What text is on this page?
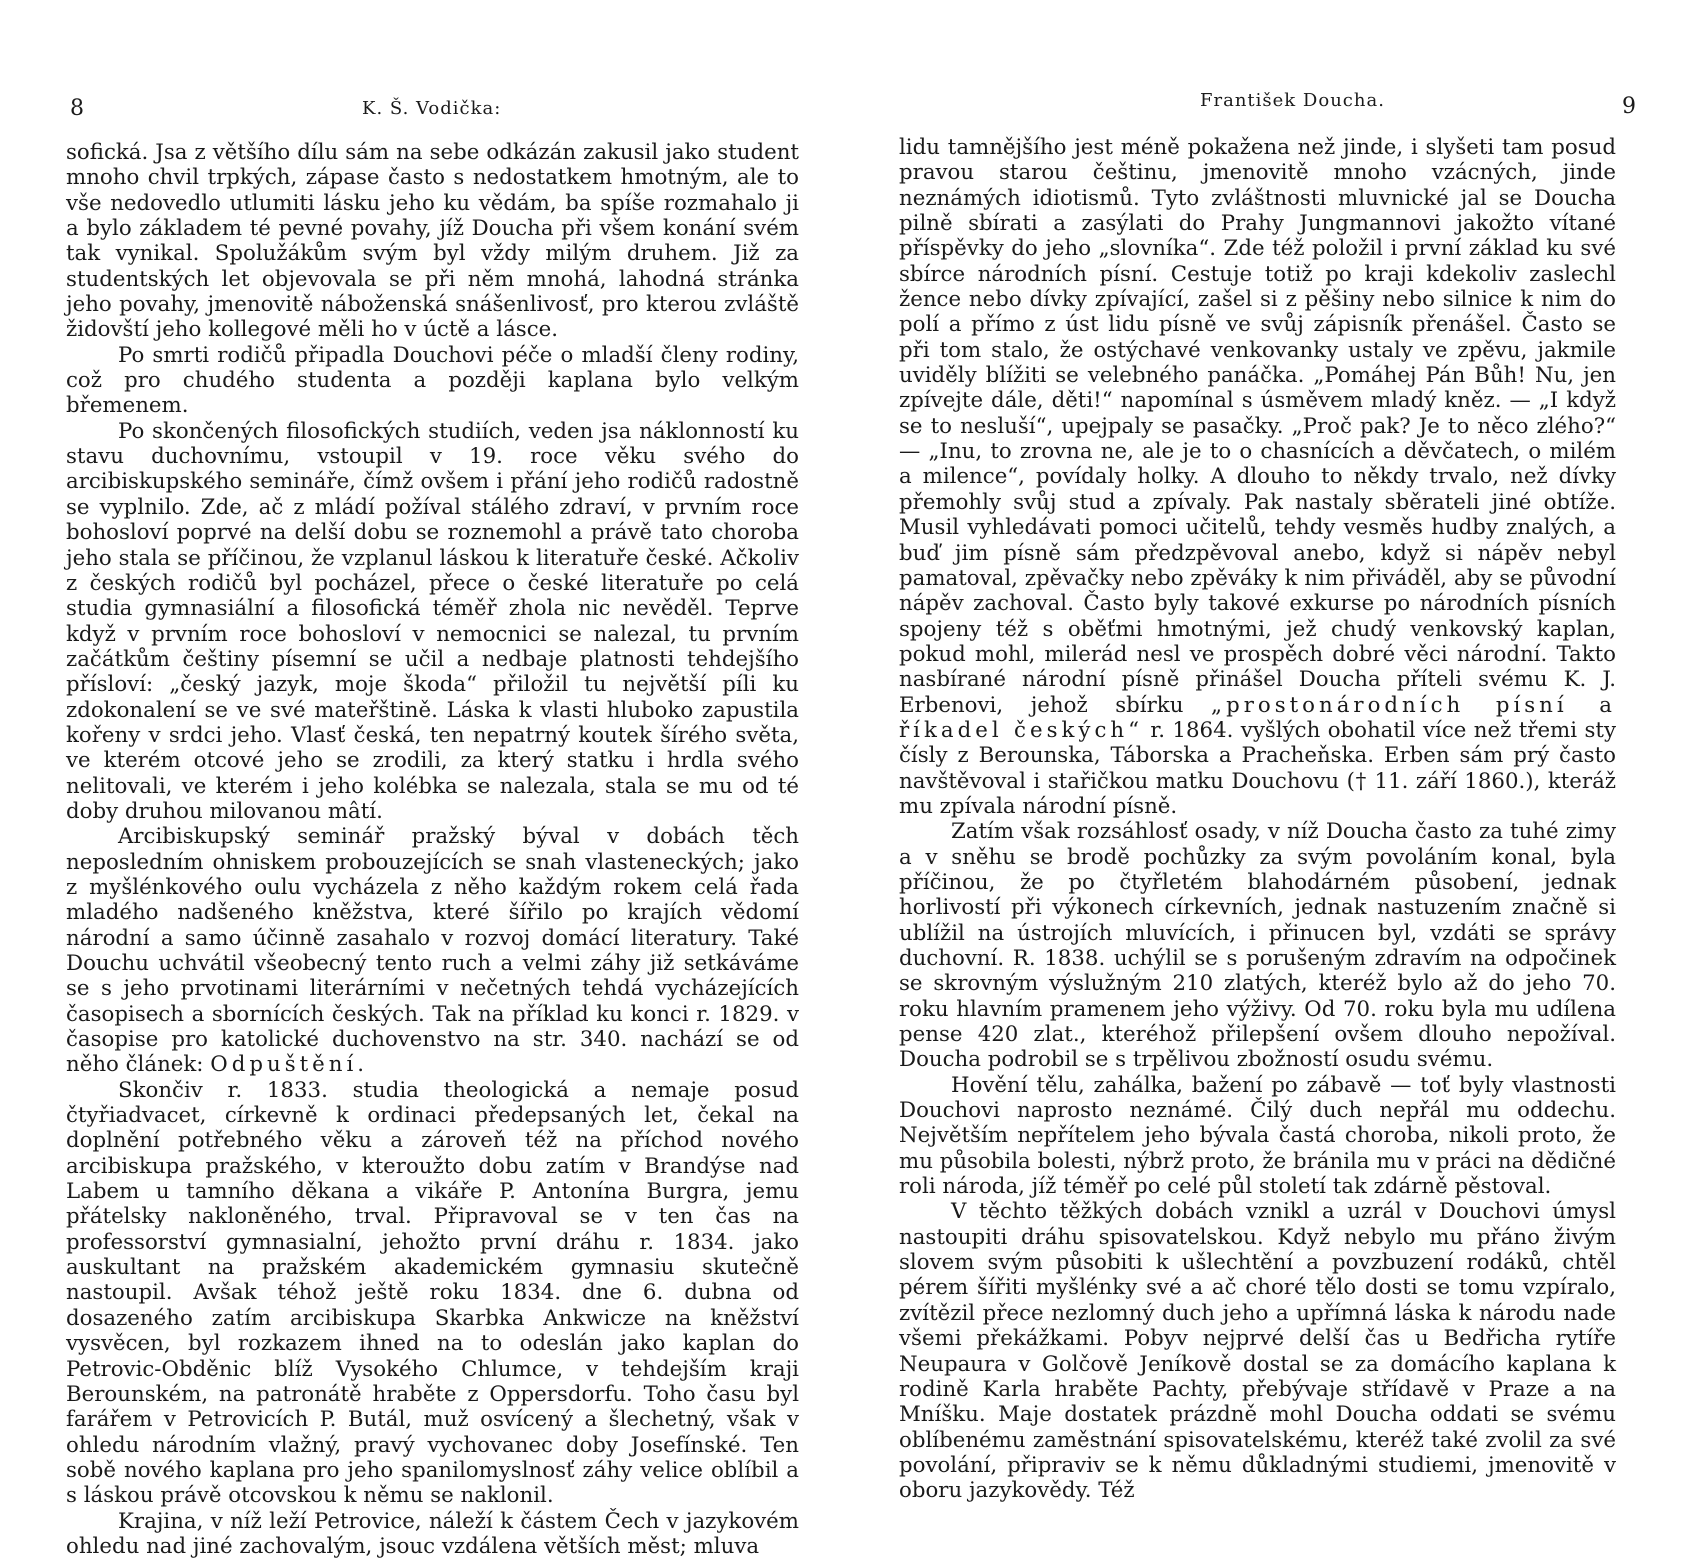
8	K. Š. Vodička:

sofická. Jsa z většího dílu sám na sebe odkázán zakusil jako student mnoho chvil trpkých, zápase často s nedostatkem hmotným, ale to vše nedovedlo utlumiti lásku jeho ku vědám, ba spíše rozmahalo ji a bylo základem té pevné povahy, jíž Doucha při všem konání svém tak vynikal. Spolužákům svým byl vždy milým druhem. Již za studentských let objevovala se při něm mnohá, lahodná stránka jeho povahy, jmenovitě náboženská snášenlivosť, pro kterou zvláště židovští jeho kollegové měli ho v úctě a lásce.

Po smrti rodičů připadla Douchovi péče o mladší členy rodiny, což pro chudého studenta a později kaplana bylo velkým břemenem.

Po skončených filosofických studiích, veden jsa náklonností ku stavu duchovnímu, vstoupil v 19. roce věku svého do arcibiskupského semináře, čímž ovšem i přání jeho rodičů radostně se vyplnilo. Zde, ač z mládí požíval stálého zdraví, v prvním roce bohosloví poprvé na delší dobu se roznemohl a právě tato choroba jeho stala se příčinou, že vzplanul láskou k literatuře české. Ačkoliv z českých rodičů byl pocházel, přece o české literatuře po celá studia gymnasiální a filosofická téměř zhola nic nevěděl. Teprve když v prvním roce bohosloví v nemocnici se nalezal, tu prvním začátkům češtiny písemní se učil a nedbaje platnosti tehdejšího přísloví: „český jazyk, moje škoda“ přiložil tu největší píli ku zdokonalení se ve své mateřštině. Láska k vlasti hluboko zapustila kořeny v srdci jeho. Vlasť česká, ten nepatrný koutek šírého světa, ve kterém otcové jeho se zrodili, za který statku i hrdla svého nelitovali, ve kterém i jeho kolébka se nalezala, stala se mu od té doby druhou milovanou mâtí.

Arcibiskupský seminář pražský býval v dobách těch neposledním ohniskem probouzejících se snah vlasteneckých; jako z myšlénkového oulu vycházela z něho každým rokem celá řada mladého nadšeného kněžstva, které šířilo po krajích vědomí národní a samo účinně zasahalo v rozvoj domácí literatury. Také Douchu uchvátil všeobecný tento ruch a velmi záhy již setkáváme se s jeho prvotinami literárními v nečetných tehdá vycházejících časopisech a sbornících českých. Tak na příklad ku konci r. 1829. v časopise pro katolické duchovenstvo na str. 340. nachází se od něho článek: Odpuštění.

Skončiv r. 1833. studia theologická a nemaje posud čtyřiadvacet, církevně k ordinaci předepsaných let, čekal na doplnění potřebného věku a zároveň též na příchod nového arcibiskupa pražského, v kteroužto dobu zatím v Brandýse nad Labem u tamního děkana a vikáře P. Antonína Burgra, jemu přátelsky nakloněného, trval. Připravoval se v ten čas na professorství gymnasialní, jehožto první dráhu r. 1834. jako auskultant na pražském akademickém gymnasiu skutečně nastoupil. Avšak téhož ještě roku 1834. dne 6. dubna od dosazeného zatím arcibiskupa Skarbka Ankwicze na kněžství vysvěcen, byl rozkazem ihned na to odeslán jako kaplan do Petrovic-Obděnic blíž Vysokého Chlumce, v tehdejším kraji Berounském, na patronátě hraběte z Oppersdorfu. Toho času byl farářem v Petrovicích P. Butál, muž osvícený a šlechetný, však v ohledu národním vlažný, pravý vychovanec doby Josefínské. Ten sobě nového kaplana pro jeho spanilomyslnosť záhy velice oblíbil a s láskou právě otcovskou k němu se naklonil.

Krajina, v níž leží Petrovice, náleží k částem Čech v jazykovém ohledu nad jiné zachovalým, jsouc vzdálena větších měst; mluva

František Doucha.	9

lidu tamnějšího jest méně pokažena než jinde, i slyšeti tam posud pravou starou češtinu, jmenovitě mnoho vzácných, jinde neznámých idiotismů. Tyto zvláštnosti mluvnické jal se Doucha pilně sbírati a zasýlati do Prahy Jungmannovi jakožto vítané příspěvky do jeho „slovníka“. Zde též položil i první základ ku své sbírce národních písní. Cestuje totiž po kraji kdekoliv zaslechl žence nebo dívky zpívající, zašel si z pěšiny nebo silnice k nim do polí a přímo z úst lidu písně ve svůj zápisník přenášel. Často se při tom stalo, že ostýchavé venkovanky ustaly ve zpěvu, jakmile uviděly blížiti se velebného panáčka. „Pomáhej Pán Bůh! Nu, jen zpívejte dále, děti!“ napomínal s úsměvem mladý kněz. — „I když se to nesluší“, upejpaly se pasačky. „Proč pak? Je to něco zlého?“ — „Inu, to zrovna ne, ale je to o chasnících a děvčatech, o milém a milence“, povídaly holky. A dlouho to někdy trvalo, než dívky přemohly svůj stud a zpívaly. Pak nastaly sběrateli jiné obtíže. Musil vyhledávati pomoci učitelů, tehdy vesměs hudby znalých, a buď jim písně sám předzpěvoval anebo, když si nápěv nebyl pamatoval, zpěvačky nebo zpěváky k nim přiváděl, aby se původní nápěv zachoval. Často byly takové exkurse po národních písních spojeny též s oběťmi hmotnými, jež chudý venkovský kaplan, pokud mohl, milerád nesl ve prospěch dobré věci národní. Takto nasbírané národní písně přinášel Doucha příteli svému K. J. Erbenovi, jehož sbírku „prostonárodních písní a říkadel českých“ r. 1864. vyšlých obohatil více než třemi sty čísly z Berounska, Táborska a Pracheňska. Erben sám prý často navštěvoval i stařičkou matku Douchovu († 11. září 1860.), kteráž mu zpívala národní písně.

Zatím však rozsáhlosť osady, v níž Doucha často za tuhé zimy a v sněhu se brodě pochůzky za svým povoláním konal, byla příčinou, že po čtyřletém blahodárném působení, jednak horlivostí při výkonech církevních, jednak nastuzením značně si ublížil na ústrojích mluvících, i přinucen byl, vzdáti se správy duchovní. R. 1838. uchýlil se s porušeným zdravím na odpočinek se skrovným výslužným 210 zlatých, kteréž bylo až do jeho 70. roku hlavním pramenem jeho výživy. Od 70. roku byla mu udílena pense 420 zlat., kteréhož přilepšení ovšem dlouho nepožíval. Doucha podrobil se s trpělivou zbožností osudu svému.

Hovění tělu, zahálka, bažení po zábavě — toť byly vlastnosti Douchovi naprosto neznámé. Čilý duch nepřál mu oddechu. Největším nepřítelem jeho bývala častá choroba, nikoli proto, že mu působila bolesti, nýbrž proto, že bránila mu v práci na dědičné roli národa, jíž téměř po celé půl století tak zdárně pěstoval.

V těchto těžkých dobách vznikl a uzrál v Douchovi úmysl nastoupiti dráhu spisovatelskou. Když nebylo mu přáno živým slovem svým působiti k ušlechtění a povzbuzení rodáků, chtěl pérem šířiti myšlénky své a ač choré tělo dosti se tomu vzpíralo, zvítězil přece nezlomný duch jeho a upřímná láska k národu nade všemi překážkami. Pobyv nejprvé delší čas u Bedřicha rytíře Neupaura v Golčově Jeníkově dostal se za domácího kaplana k rodině Karla hraběte Pachty, přebývaje střídavě v Praze a na Mníšku. Maje dostatek prázdně mohl Doucha oddati se svému oblíbenému zaměstnání spisovatelskému, kteréž také zvolil za své povolání, připraviv se k němu důkladnými studiemi, jmenovitě v oboru jazykovědy. Též
